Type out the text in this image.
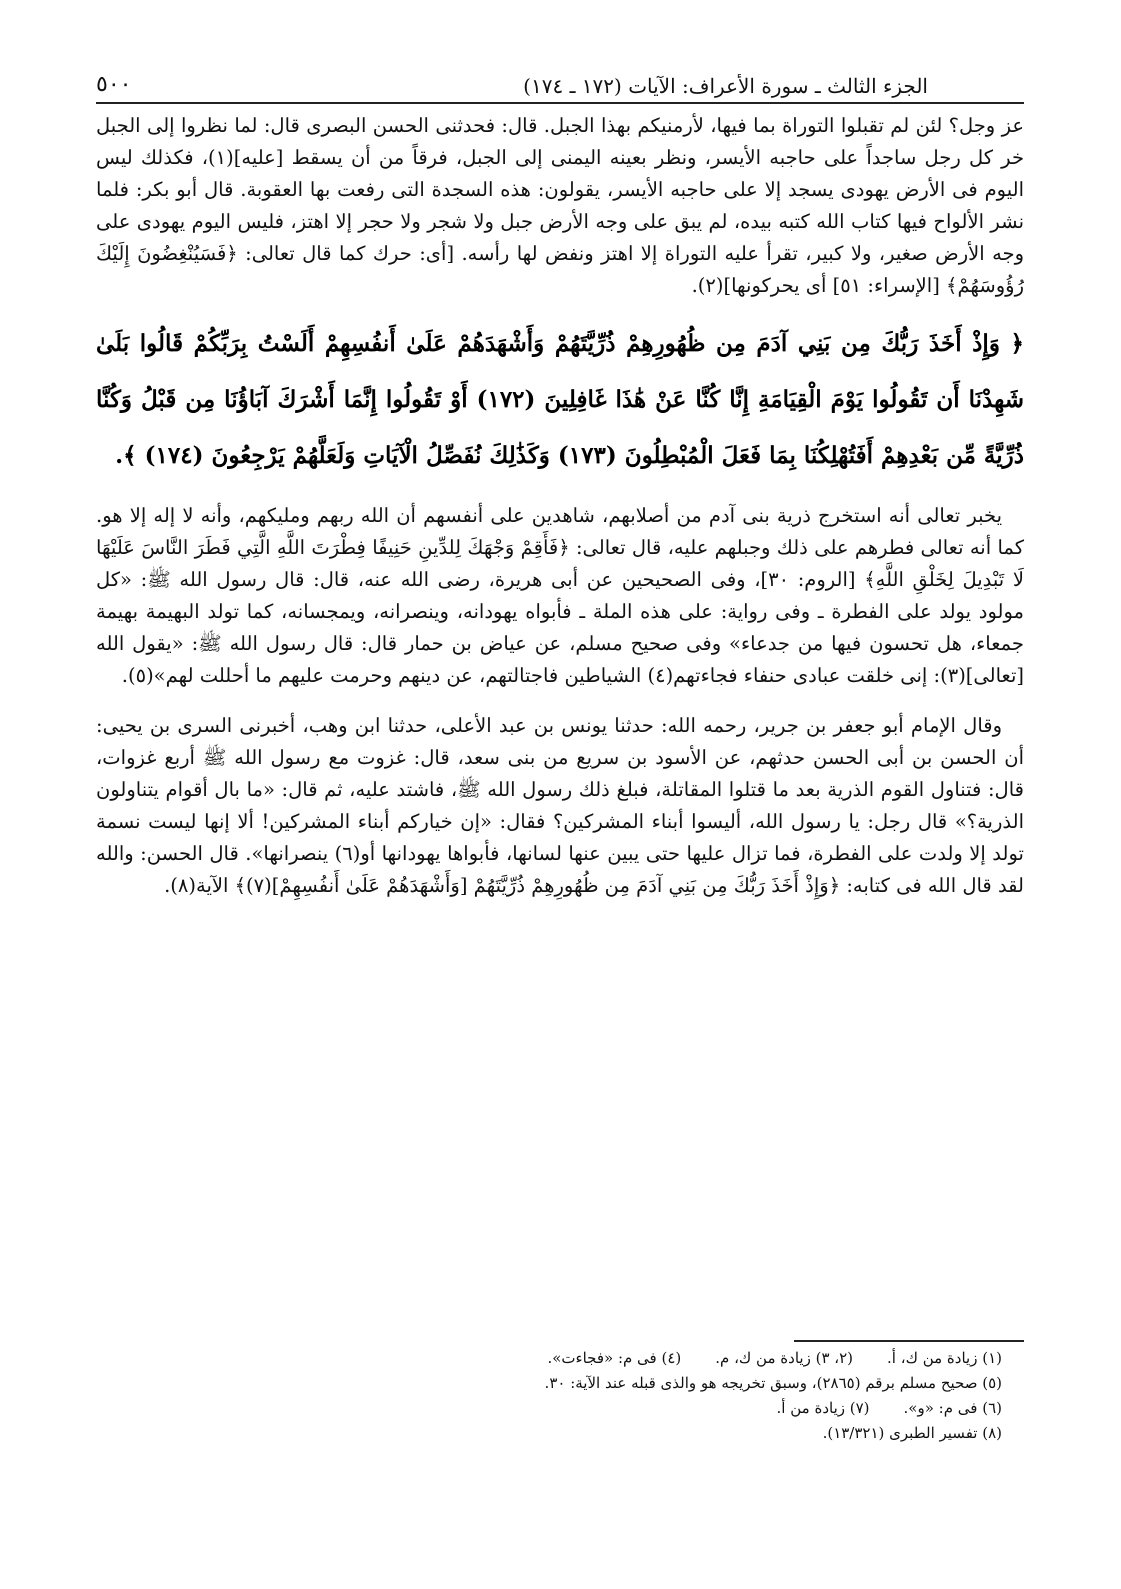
الجزء الثالث ـ سورة الأعراف: الآيات (١٧٢ ـ ١٧٤)
٥٠٠

عز وجل؟ لئن لم تقبلوا التوراة بما فيها، لأرمنيكم بهذا الجبل. قال: فحدثنى الحسن البصرى قال: لما نظروا إلى الجبل خر كل رجل ساجداً على حاجبه الأيسر، ونظر بعينه اليمنى إلى الجبل، فرقاً من أن يسقط [عليه](١)، فكذلك ليس اليوم فى الأرض يهودى يسجد إلا على حاجبه الأيسر، يقولون: هذه السجدة التى رفعت بها العقوبة. قال أبو بكر: فلما نشر الألواح فيها كتاب الله كتبه بيده، لم يبق على وجه الأرض جبل ولا شجر ولا حجر إلا اهتز، فليس اليوم يهودى على وجه الأرض صغير، ولا كبير، تقرأ عليه التوراة إلا اهتز ونفض لها رأسه. [أى: حرك كما قال تعالى: ﴿فَسَيُنْغِضُونَ إِلَيْكَ رُؤُوسَهُمْ﴾ [الإسراء: ٥١] أى يحركونها](٢).

﴿ وَإِذْ أَخَذَ رَبُّكَ مِن بَنِي آدَمَ مِن ظُهُورِهِمْ ذُرِّيَّتَهُمْ وَأَشْهَدَهُمْ عَلَىٰ أَنفُسِهِمْ أَلَسْتُ بِرَبِّكُمْ قَالُوا بَلَىٰ شَهِدْنَا أَن تَقُولُوا يَوْمَ الْقِيَامَةِ إِنَّا كُنَّا عَنْ هَٰذَا غَافِلِينَ (١٧٢) أَوْ تَقُولُوا إِنَّمَا أَشْرَكَ آبَاؤُنَا مِن قَبْلُ وَكُنَّا ذُرِّيَّةً مِّن بَعْدِهِمْ أَفَتُهْلِكُنَا بِمَا فَعَلَ الْمُبْطِلُونَ (١٧٣) وَكَذَٰلِكَ نُفَصِّلُ الْآيَاتِ وَلَعَلَّهُمْ يَرْجِعُونَ (١٧٤) ﴾.

يخبر تعالى أنه استخرج ذرية بنى آدم من أصلابهم، شاهدين على أنفسهم أن الله ربهم ومليكهم، وأنه لا إله إلا هو. كما أنه تعالى فطرهم على ذلك وجبلهم عليه، قال تعالى: ﴿فَأَقِمْ وَجْهَكَ لِلدِّينِ حَنِيفًا فِطْرَتَ اللَّهِ الَّتِي فَطَرَ النَّاسَ عَلَيْهَا لَا تَبْدِيلَ لِخَلْقِ اللَّهِ﴾ [الروم: ٣٠]، وفى الصحيحين عن أبى هريرة، رضى الله عنه، قال: قال رسول الله ﷺ: «كل مولود يولد على الفطرة ـ وفى رواية: على هذه الملة ـ فأبواه يهودانه، وينصرانه، ويمجسانه، كما تولد البهيمة بهيمة جمعاء، هل تحسون فيها من جدعاء» وفى صحيح مسلم، عن عياض بن حمار قال: قال رسول الله ﷺ: «يقول الله [تعالى](٣): إنى خلقت عبادى حنفاء فجاءتهم(٤) الشياطين فاجتالتهم، عن دينهم وحرمت عليهم ما أحللت لهم»(٥).

وقال الإمام أبو جعفر بن جرير، رحمه الله: حدثنا يونس بن عبد الأعلى، حدثنا ابن وهب، أخبرنى السرى بن يحيى: أن الحسن بن أبى الحسن حدثهم، عن الأسود بن سريع من بنى سعد، قال: غزوت مع رسول الله ﷺ أربع غزوات، قال: فتناول القوم الذرية بعد ما قتلوا المقاتلة، فبلغ ذلك رسول الله ﷺ، فاشتد عليه، ثم قال: «ما بال أقوام يتناولون الذرية؟» قال رجل: يا رسول الله، أليسوا أبناء المشركين؟ فقال: «إن خياركم أبناء المشركين! ألا إنها ليست نسمة تولد إلا ولدت على الفطرة، فما تزال عليها حتى يبين عنها لسانها، فأبواها يهودانها أو(٦) ينصرانها». قال الحسن: والله لقد قال الله فى كتابه: ﴿وَإِذْ أَخَذَ رَبُّكَ مِن بَنِي آدَمَ مِن ظُهُورِهِمْ ذُرِّيَّتَهُمْ [وَأَشْهَدَهُمْ عَلَىٰ أَنفُسِهِمْ](٧)﴾ الآية(٨).

(١) زيادة من ك، أ.
(٢، ٣) زيادة من ك، م.
(٤) فى م: «فجاءت».
(٥) صحيح مسلم برقم (٢٨٦٥)، وسبق تخريجه هو والذى قبله عند الآية: ٣٠.
(٦) فى م: «و».
(٧) زيادة من أ.
(٨) تفسير الطبرى (١٣/٣٢١).
